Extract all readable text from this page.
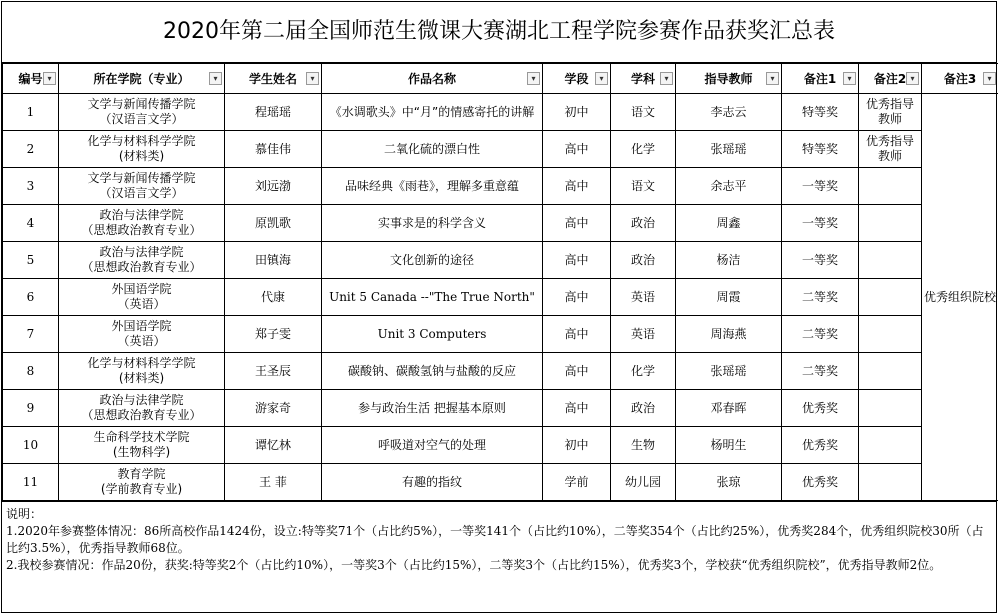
2020年第二届全国师范生微课大赛湖北工程学院参赛作品获奖汇总表
编号 ▾	所在学院（专业） ▾	学生姓名 ▾	作品名称 ▾	学段 ▾	学科 ▾	指导教师 ▾	备注1 ▾	备注2 ▾	备注3 ▾

1	文学与新闻传播学院
（汉语言文学）	程瑶瑶	《水调歌头》中“月”的情感寄托的讲解	初中	语文	李志云	特等奖	优秀指导教师	优秀组织院校
2	化学与材料科学学院
(材料类)	慕佳伟	二氧化硫的漂白性	高中	化学	张瑶瑶	特等奖	优秀指导教师	
3	文学与新闻传播学院
（汉语言文学）	刘远渤	品味经典《雨巷》，理解多重意蕴	高中	语文	余志平	一等奖		
4	政治与法律学院
（思想政治教育专业）	原凯歌	实事求是的科学含义	高中	政治	周鑫	一等奖		
5	政治与法律学院
（思想政治教育专业）	田镇海	文化创新的途径	高中	政治	杨洁	一等奖		
6	外国语学院
（英语）	代康	Unit 5 Canada --"The True North"	高中	英语	周霞	二等奖		
7	外国语学院
（英语）	郑子雯	Unit 3 Computers	高中	英语	周海燕	二等奖		
8	化学与材料科学学院
(材料类)	王圣辰	碳酸钠、碳酸氢钠与盐酸的反应	高中	化学	张瑶瑶	二等奖		
9	政治与法律学院
（思想政治教育专业）	游家奇	参与政治生活 把握基本原则	高中	政治	邓春晖	优秀奖		
10	生命科学技术学院
(生物科学)	谭忆林	呼吸道对空气的处理	初中	生物	杨明生	优秀奖		
11	教育学院
(学前教育专业)	王 菲	有趣的指纹	学前	幼儿园	张琼	优秀奖		
说明：
1.2020年参赛整体情况：86所高校作品1424份，设立:特等奖71个（占比约5%），一等奖141个（占比约10%），二等奖354个（占比约25%），优秀奖284个，优秀组织院校30所（占比约3.5%），优秀指导教师68位。
2.我校参赛情况：作品20份，获奖:特等奖2个（占比约10%），一等奖3个（占比约15%），二等奖3个（占比约15%），优秀奖3个，学校获“优秀组织院校”，优秀指导教师2位。
